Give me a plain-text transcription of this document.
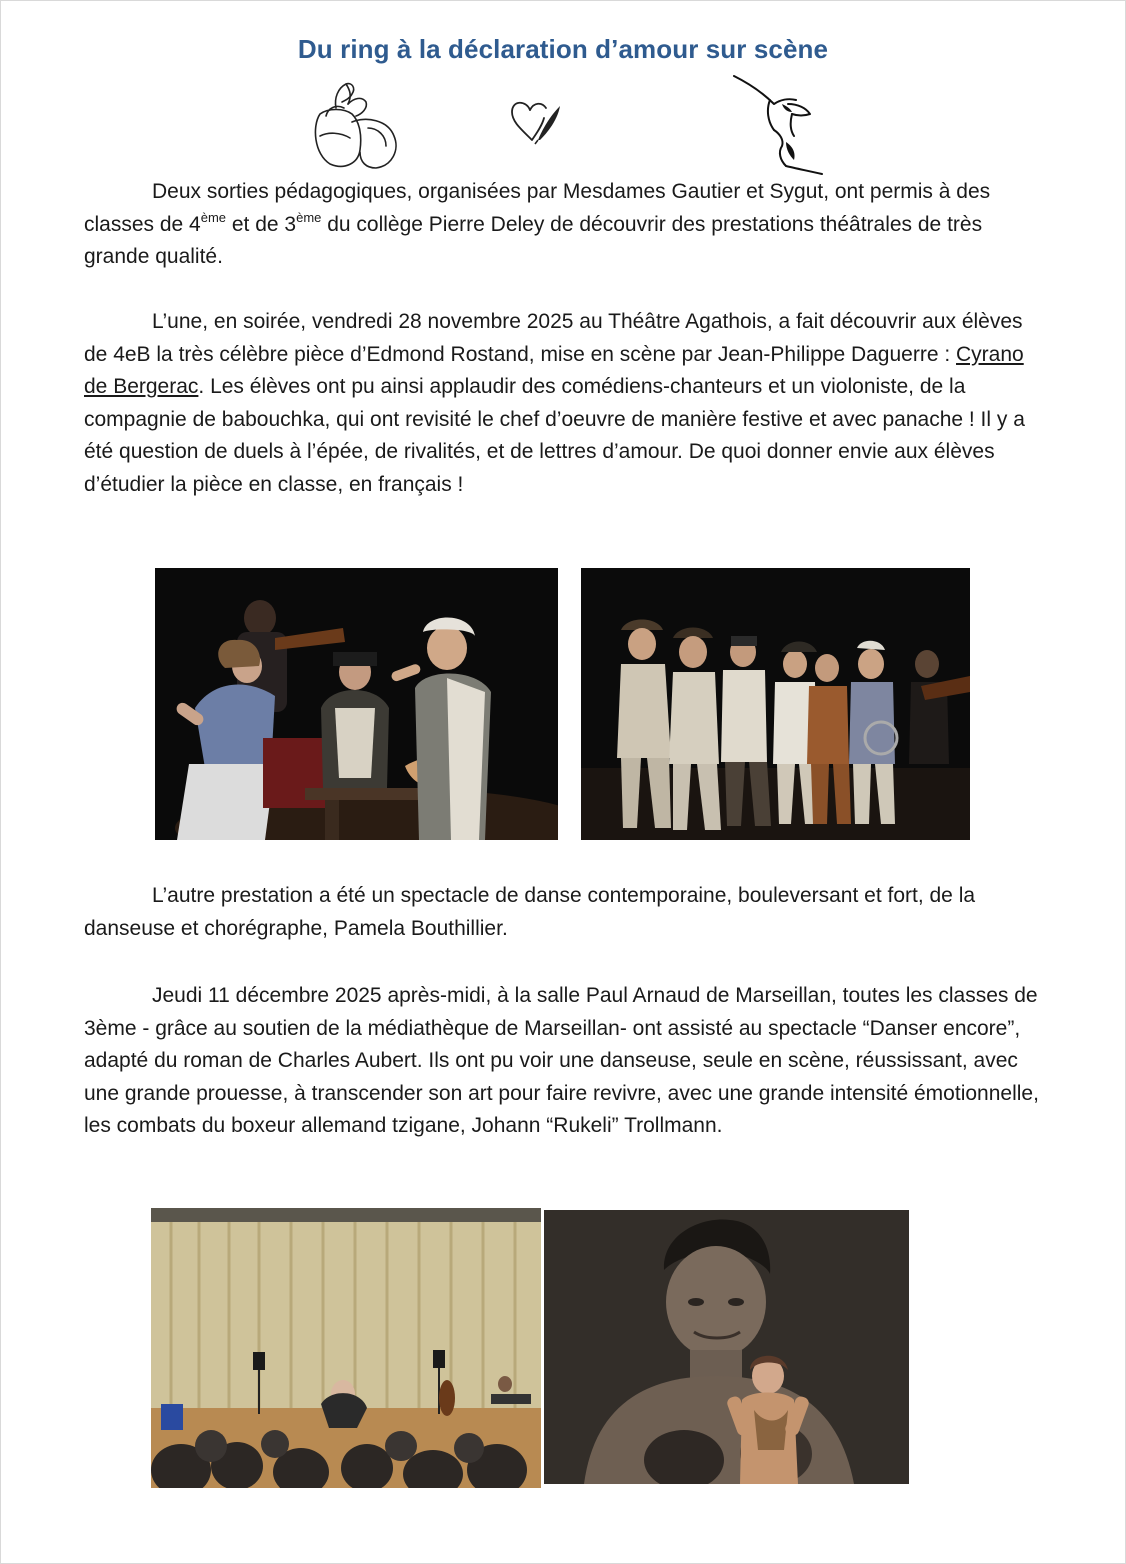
Du ring à la déclaration d’amour sur scène

Deux sorties pédagogiques, organisées par Mesdames Gautier et Sygut, ont permis à des classes de 4ème et de 3ème du collège Pierre Deley de découvrir des prestations théâtrales de très grande qualité.

L’une, en soirée, vendredi 28 novembre 2025 au Théâtre Agathois, a fait découvrir aux élèves de 4eB la très célèbre pièce d’Edmond Rostand, mise en scène par Jean-Philippe Daguerre : Cyrano de Bergerac. Les élèves ont pu ainsi applaudir des comédiens-chanteurs et un violoniste, de la compagnie de babouchka, qui ont revisité le chef d’oeuvre de manière festive et avec panache ! Il y a été question de duels à l’épée, de rivalités, et de lettres d’amour. De quoi donner envie aux élèves d’étudier la pièce en classe, en français !

L’autre prestation a été un spectacle de danse contemporaine, bouleversant et fort, de la danseuse et chorégraphe, Pamela Bouthillier.

Jeudi 11 décembre 2025 après-midi, à la salle Paul Arnaud de Marseillan, toutes les classes de 3ème - grâce au soutien de la médiathèque de Marseillan- ont assisté au spectacle “Danser encore”, adapté du roman de Charles Aubert. Ils ont pu voir une danseuse, seule en scène, réussissant, avec une grande prouesse, à transcender son art pour faire revivre, avec une grande intensité émotionnelle, les combats du boxeur allemand tzigane, Johann “Rukeli” Trollmann.
